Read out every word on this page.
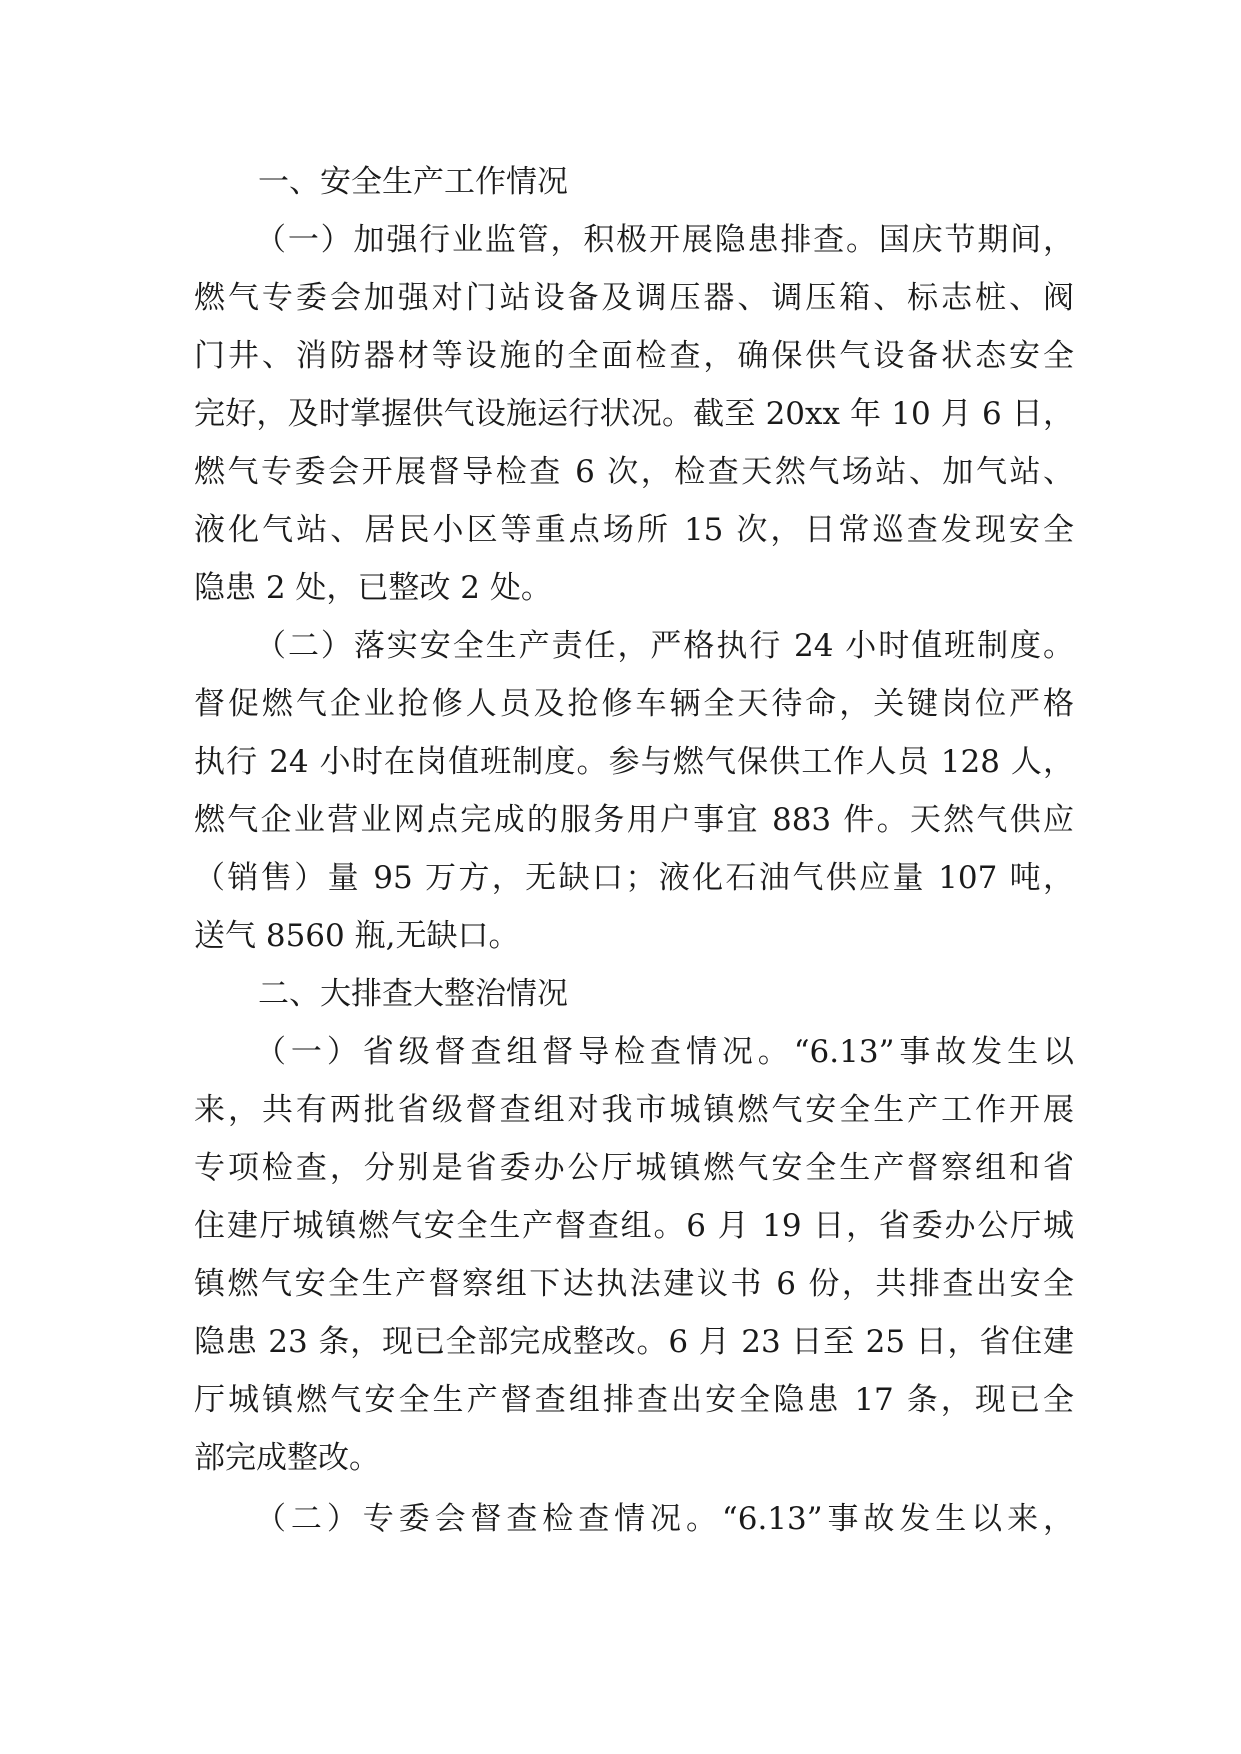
一、安全生产工作情况
（一）加强行业监管，积极开展隐患排查。国庆节期间，
燃气专委会加强对门站设备及调压器、调压箱、标志桩、阀
门井、消防器材等设施的全面检查，确保供气设备状态安全
完好，及时掌握供气设施运行状况。截至 20xx 年 10 月 6 日，
燃气专委会开展督导检查 6 次，检查天然气场站、加气站、
液化气站、居民小区等重点场所 15 次，日常巡查发现安全
隐患 2 处，已整改 2 处。
（二）落实安全生产责任，严格执行 24 小时值班制度。
督促燃气企业抢修人员及抢修车辆全天待命，关键岗位严格
执行 24 小时在岗值班制度。参与燃气保供工作人员 128 人，
燃气企业营业网点完成的服务用户事宜 883 件。天然气供应
（销售）量 95 万方，无缺口；液化石油气供应量 107 吨，
送气 8560 瓶,无缺口。
二、大排查大整治情况
（一）省级督查组督导检查情况。“6.13”事故发生以
来，共有两批省级督查组对我市城镇燃气安全生产工作开展
专项检查，分别是省委办公厅城镇燃气安全生产督察组和省
住建厅城镇燃气安全生产督查组。6 月 19 日，省委办公厅城
镇燃气安全生产督察组下达执法建议书 6 份，共排查出安全
隐患 23 条，现已全部完成整改。6 月 23 日至 25 日，省住建
厅城镇燃气安全生产督查组排查出安全隐患 17 条，现已全
部完成整改。
（二）专委会督查检查情况。“6.13”事故发生以来，
